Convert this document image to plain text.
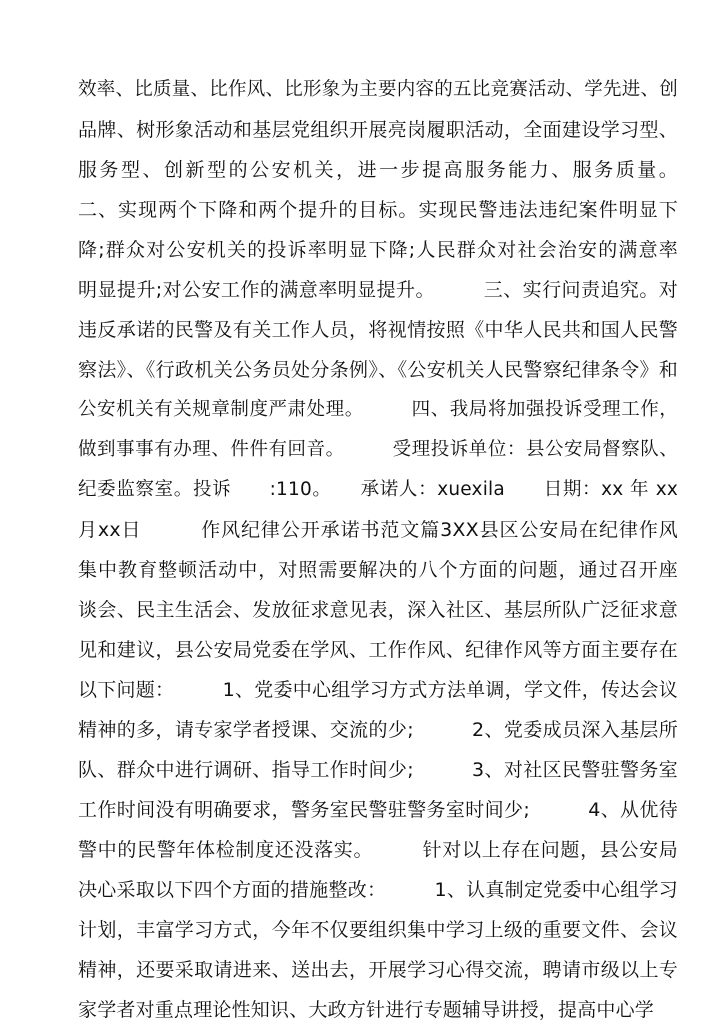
效率、比质量、比作风、比形象为主要内容的五比竞赛活动、学先进、创
品牌、树形象活动和基层党组织开展亮岗履职活动，全面建设学习型、
服务型、创新型的公安机关，进一步提高服务能力、服务质量。
二、实现两个下降和两个提升的目标。实现民警违法违纪案件明显下
降;群众对公安机关的投诉率明显下降;人民群众对社会治安的满意率
明显提升;对公安工作的满意率明显提升。　　　三、实行问责追究。对
违反承诺的民警及有关工作人员，将视情按照《中华人民共和国人民警
察法》、《行政机关公务员处分条例》、《公安机关人民警察纪律条令》和
公安机关有关规章制度严肃处理。　　　四、我局将加强投诉受理工作，
做到事事有办理、件件有回音。　　　受理投诉单位：县公安局督察队、
纪委监察室。投诉　　:110。　　承诺人：xuexila　　日期：xx 年 xx
月xx日　　　作风纪律公开承诺书范文篇3XX县区公安局在纪律作风
集中教育整顿活动中，对照需要解决的八个方面的问题，通过召开座
谈会、民主生活会、发放征求意见表，深入社区、基层所队广泛征求意
见和建议，县公安局党委在学风、工作作风、纪律作风等方面主要存在
以下问题：　　　1、党委中心组学习方式方法单调，学文件，传达会议
精神的多，请专家学者授课、交流的少;　　　2、党委成员深入基层所
队、群众中进行调研、指导工作时间少;　　　3、对社区民警驻警务室
工作时间没有明确要求，警务室民警驻警务室时间少;　　　4、从优待
警中的民警年体检制度还没落实。　　　针对以上存在问题，县公安局
决心采取以下四个方面的措施整改：　　　1、认真制定党委中心组学习
计划，丰富学习方式，今年不仅要组织集中学习上级的重要文件、会议
精神，还要采取请进来、送出去，开展学习心得交流，聘请市级以上专
家学者对重点理论性知识、大政方针进行专题辅导讲授，提高中心学
